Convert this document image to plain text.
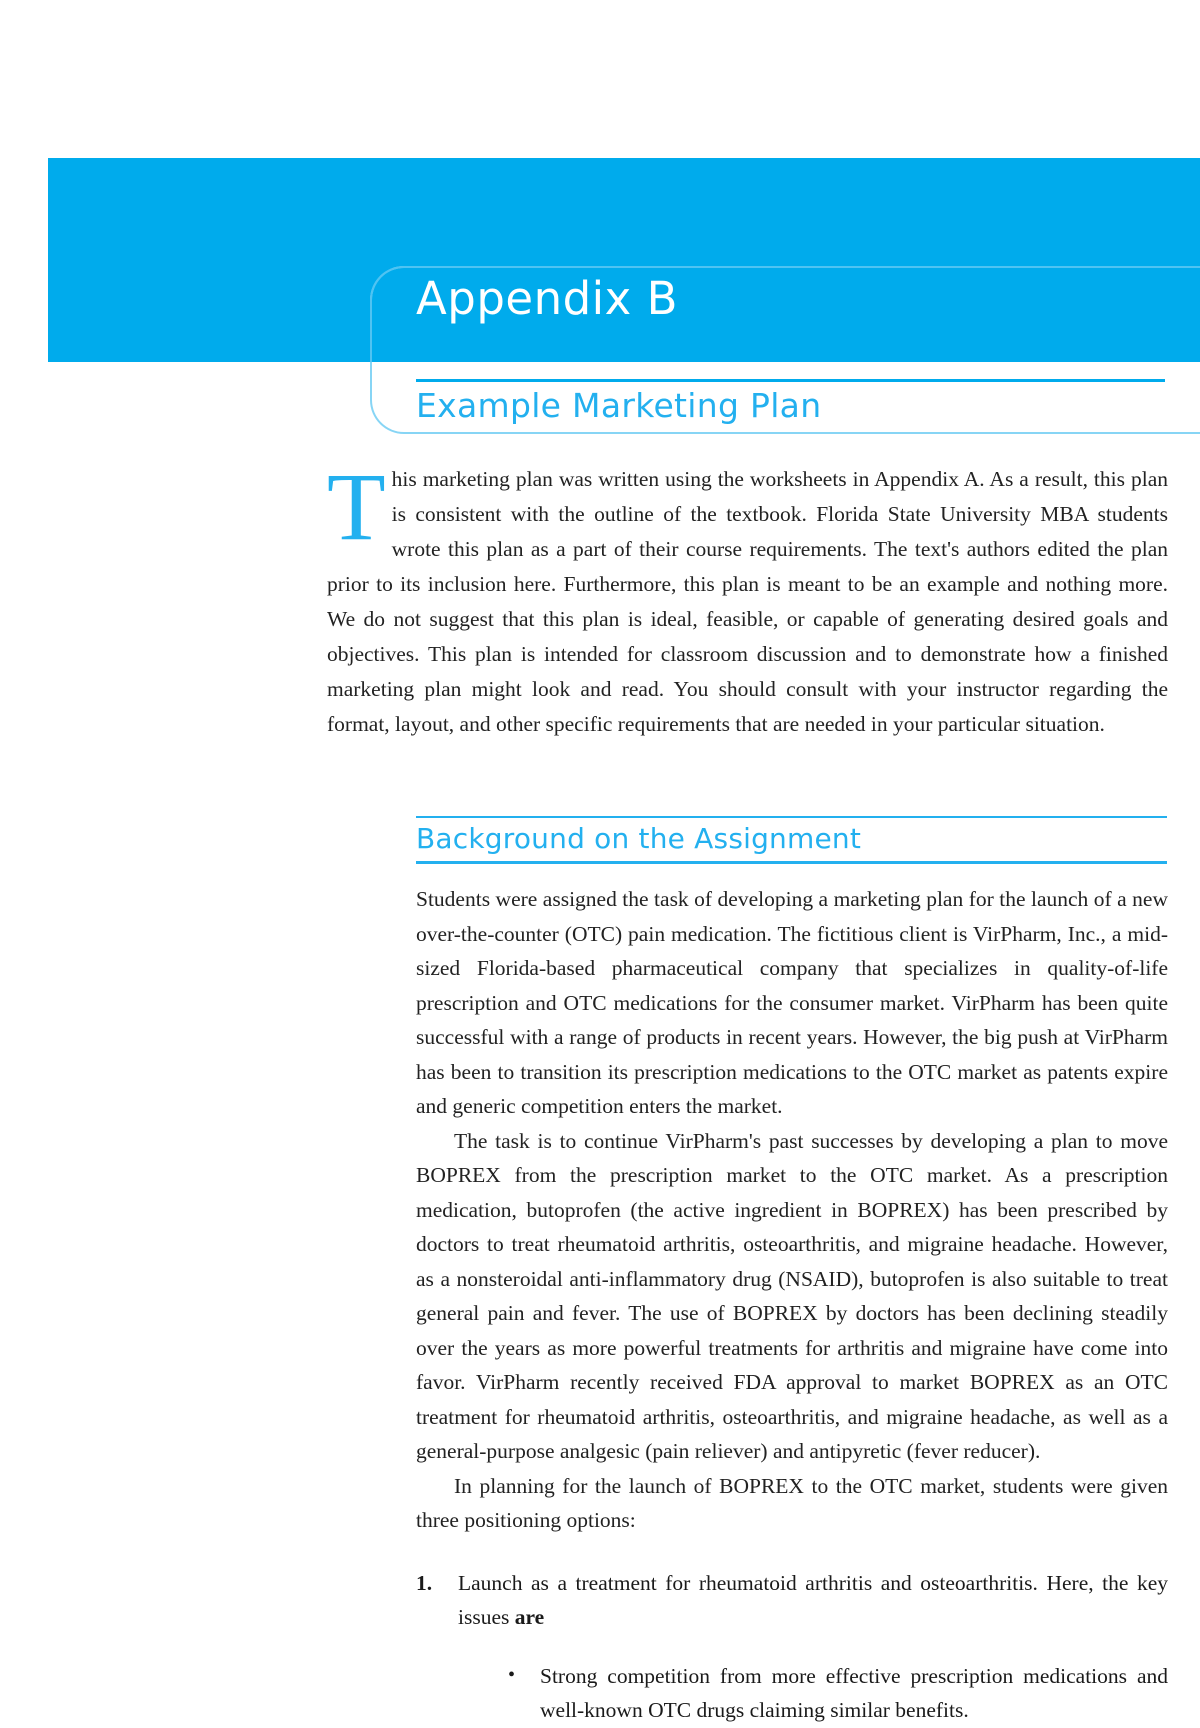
Appendix B
Example Marketing Plan

This marketing plan was written using the worksheets in Appendix A. As a result, this plan is consistent with the outline of the textbook. Florida State University MBA students wrote this plan as a part of their course requirements. The text's authors edited the plan prior to its inclusion here. Furthermore, this plan is meant to be an example and nothing more. We do not suggest that this plan is ideal, feasible, or capable of generating desired goals and objectives. This plan is intended for classroom discussion and to demonstrate how a finished marketing plan might look and read. You should consult with your instructor regarding the format, layout, and other specific requirements that are needed in your particular situation.

Background on the Assignment

Students were assigned the task of developing a marketing plan for the launch of a new over-the-counter (OTC) pain medication. The fictitious client is VirPharm, Inc., a mid-sized Florida-based pharmaceutical company that specializes in quality-of-life prescription and OTC medications for the consumer market. VirPharm has been quite successful with a range of products in recent years. However, the big push at VirPharm has been to transition its prescription medications to the OTC market as patents expire and generic competition enters the market.

The task is to continue VirPharm's past successes by developing a plan to move BOPREX from the prescription market to the OTC market. As a prescription medication, butoprofen (the active ingredient in BOPREX) has been prescribed by doctors to treat rheumatoid arthritis, osteoarthritis, and migraine headache. However, as a nonsteroidal anti-inflammatory drug (NSAID), butoprofen is also suitable to treat general pain and fever. The use of BOPREX by doctors has been declining steadily over the years as more powerful treatments for arthritis and migraine have come into favor. VirPharm recently received FDA approval to market BOPREX as an OTC treatment for rheumatoid arthritis, osteoarthritis, and migraine headache, as well as a general-purpose analgesic (pain reliever) and antipyretic (fever reducer).

In planning for the launch of BOPREX to the OTC market, students were given three positioning options:

1. Launch as a treatment for rheumatoid arthritis and osteoarthritis. Here, the key issues are
• Strong competition from more effective prescription medications and well-known OTC drugs claiming similar benefits.
